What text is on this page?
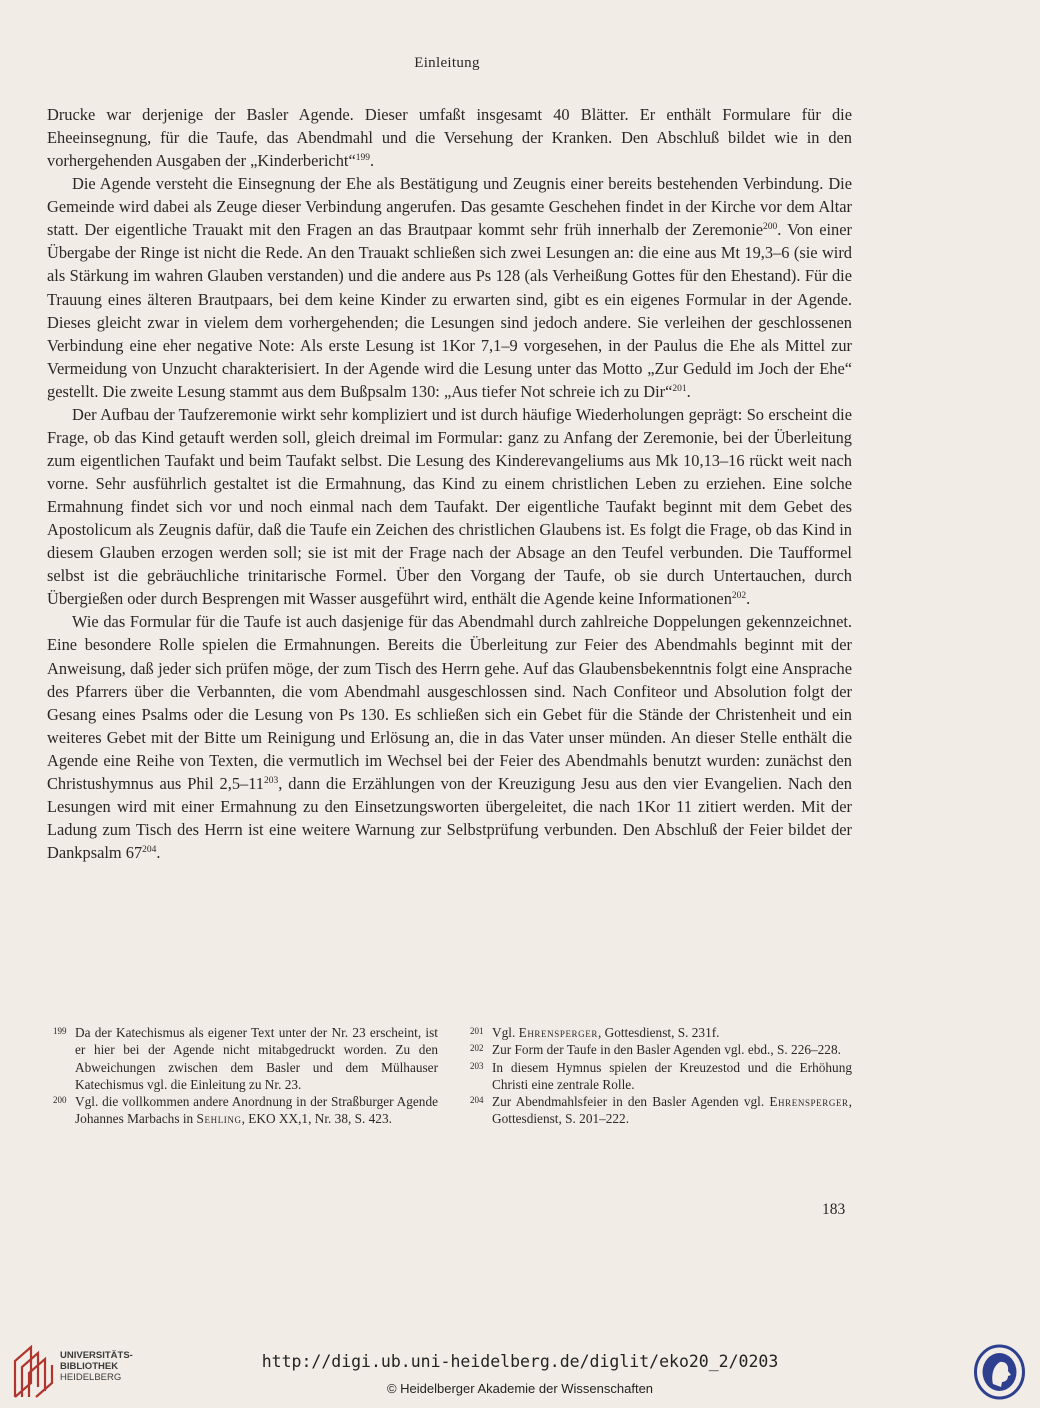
Einleitung

Drucke war derjenige der Basler Agende. Dieser umfaßt insgesamt 40 Blätter. Er enthält Formulare für die Eheeinsegnung, für die Taufe, das Abendmahl und die Versehung der Kranken. Den Abschluß bildet wie in den vorhergehenden Ausgaben der „Kinderbericht“$^{199}$.

Die Agende versteht die Einsegnung der Ehe als Bestätigung und Zeugnis einer bereits bestehenden Verbindung. Die Gemeinde wird dabei als Zeuge dieser Verbindung angerufen. Das gesamte Geschehen findet in der Kirche vor dem Altar statt. Der eigentliche Trauakt mit den Fragen an das Brautpaar kommt sehr früh innerhalb der Zeremonie$^{200}$. Von einer Übergabe der Ringe ist nicht die Rede. An den Trauakt schließen sich zwei Lesungen an: die eine aus Mt 19,3–6 (sie wird als Stärkung im wahren Glauben verstanden) und die andere aus Ps 128 (als Verheißung Gottes für den Ehestand). Für die Trauung eines älteren Brautpaars, bei dem keine Kinder zu erwarten sind, gibt es ein eigenes Formular in der Agende. Dieses gleicht zwar in vielem dem vorhergehenden; die Lesungen sind jedoch andere. Sie verleihen der geschlossenen Verbindung eine eher negative Note: Als erste Lesung ist 1Kor 7,1–9 vorgesehen, in der Paulus die Ehe als Mittel zur Vermeidung von Unzucht charakterisiert. In der Agende wird die Lesung unter das Motto „Zur Geduld im Joch der Ehe“ gestellt. Die zweite Lesung stammt aus dem Bußpsalm 130: „Aus tiefer Not schreie ich zu Dir“$^{201}$.

Der Aufbau der Taufzeremonie wirkt sehr kompliziert und ist durch häufige Wiederholungen geprägt: So erscheint die Frage, ob das Kind getauft werden soll, gleich dreimal im Formular: ganz zu Anfang der Zeremonie, bei der Überleitung zum eigentlichen Taufakt und beim Taufakt selbst. Die Lesung des Kinderevangeliums aus Mk 10,13–16 rückt weit nach vorne. Sehr ausführlich gestaltet ist die Ermahnung, das Kind zu einem christlichen Leben zu erziehen. Eine solche Ermahnung findet sich vor und noch einmal nach dem Taufakt. Der eigentliche Taufakt beginnt mit dem Gebet des Apostolicum als Zeugnis dafür, daß die Taufe ein Zeichen des christlichen Glaubens ist. Es folgt die Frage, ob das Kind in diesem Glauben erzogen werden soll; sie ist mit der Frage nach der Absage an den Teufel verbunden. Die Taufformel selbst ist die gebräuchliche trinitarische Formel. Über den Vorgang der Taufe, ob sie durch Untertauchen, durch Übergießen oder durch Besprengen mit Wasser ausgeführt wird, enthält die Agende keine Informationen$^{202}$.

Wie das Formular für die Taufe ist auch dasjenige für das Abendmahl durch zahlreiche Doppelungen gekennzeichnet. Eine besondere Rolle spielen die Ermahnungen. Bereits die Überleitung zur Feier des Abendmahls beginnt mit der Anweisung, daß jeder sich prüfen möge, der zum Tisch des Herrn gehe. Auf das Glaubensbekenntnis folgt eine Ansprache des Pfarrers über die Verbannten, die vom Abendmahl ausgeschlossen sind. Nach Confiteor und Absolution folgt der Gesang eines Psalms oder die Lesung von Ps 130. Es schließen sich ein Gebet für die Stände der Christenheit und ein weiteres Gebet mit der Bitte um Reinigung und Erlösung an, die in das Vater unser münden. An dieser Stelle enthält die Agende eine Reihe von Texten, die vermutlich im Wechsel bei der Feier des Abendmahls benutzt wurden: zunächst den Christushymnus aus Phil $2,5-11^{203}$, dann die Erzählungen von der Kreuzigung Jesu aus den vier Evangelien. Nach den Lesungen wird mit einer Ermahnung zu den Einsetzungsworten übergeleitet, die nach 1Kor 11 zitiert werden. Mit der Ladung zum Tisch des Herrn ist eine weitere Warnung zur Selbstprüfung verbunden. Den Abschluß der Feier bildet der Dankpsalm $67^{204}$.

199 Da der Katechismus als eigener Text unter der Nr. 23 erscheint, ist er hier bei der Agende nicht mitabgedruckt worden. Zu den Abweichungen zwischen dem Basler und dem Mülhauser Katechismus vgl. die Einleitung zu Nr. 23.
200 Vgl. die vollkommen andere Anordnung in der Straßburger Agende Johannes Marbachs in Sehling, EKO XX,1, Nr. 38, S. 423.
201 Vgl. Ehrensperger, Gottesdienst, S. 231f.
202 Zur Form der Taufe in den Basler Agenden vgl. ebd., S. 226–228.
203 In diesem Hymnus spielen der Kreuzestod und die Erhöhung Christi eine zentrale Rolle.
204 Zur Abendmahlsfeier in den Basler Agenden vgl. Ehrensperger, Gottesdienst, S. 201–222.
183
UNIVERSITÄTS-
BIBLIOTHEK
HEIDELBERG
http://digi.ub.uni-heidelberg.de/diglit/eko20_2/0203
© Heidelberger Akademie der Wissenschaften
